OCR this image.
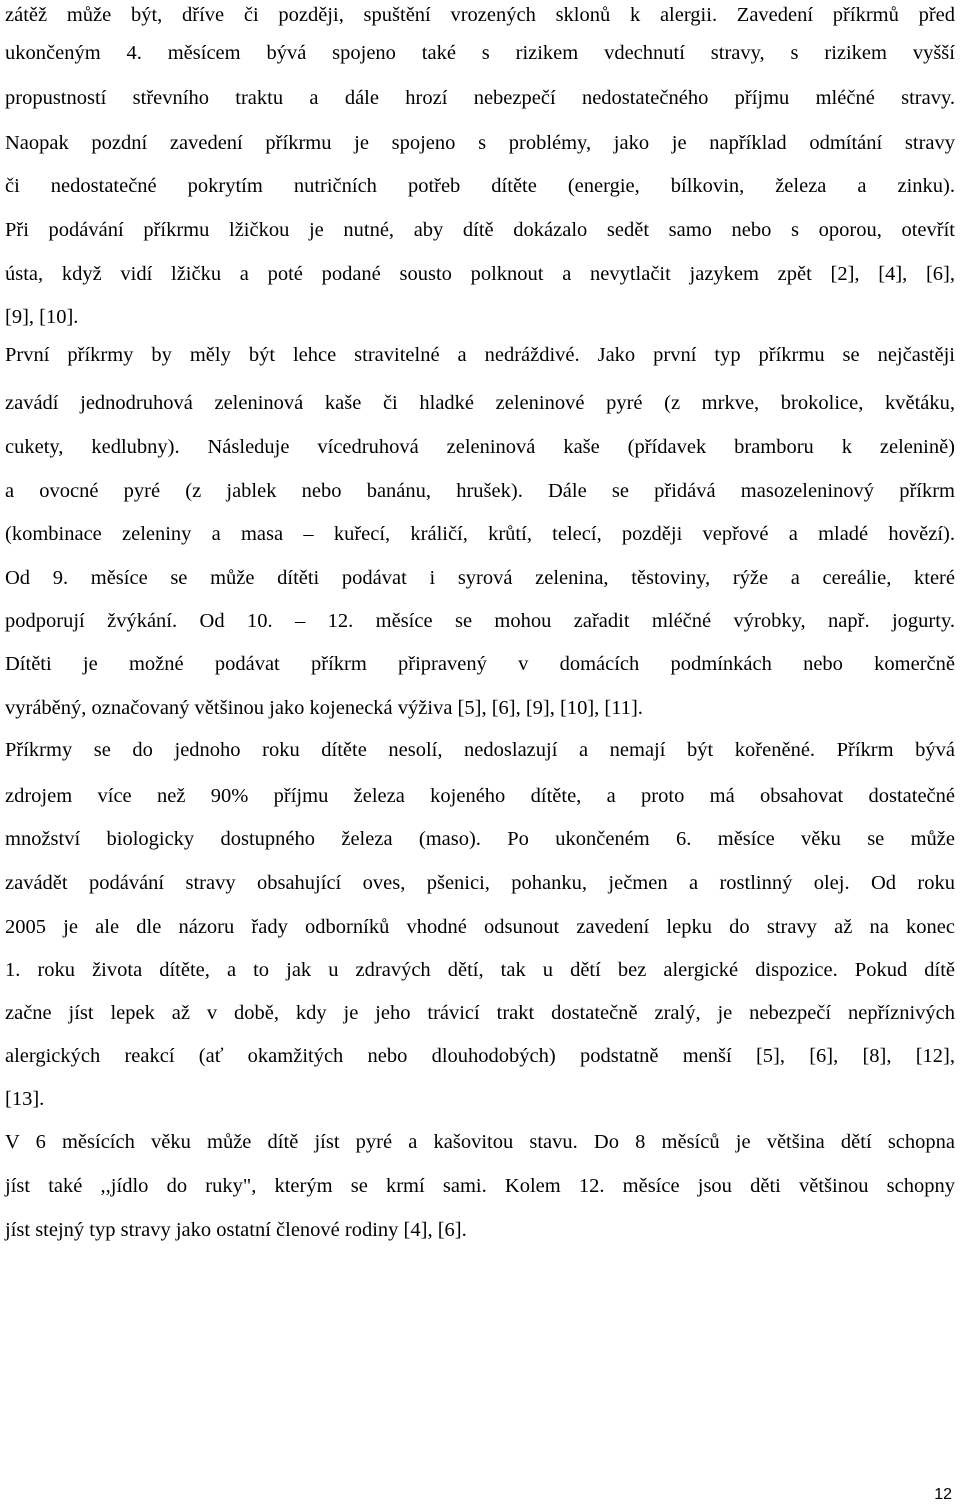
zátěž může být, dříve či později, spuštění vrozených sklonů k alergii. Zavedení příkrmů před
ukončeným 4. měsícem bývá spojeno také s rizikem vdechnutí stravy, s rizikem vyšší
propustností střevního traktu a dále hrozí nebezpečí nedostatečného příjmu mléčné stravy.
Naopak pozdní zavedení příkrmu je spojeno s problémy, jako je například odmítání stravy
či nedostatečné pokrytím nutričních potřeb dítěte (energie, bílkovin, železa a zinku).
Při podávání příkrmu lžičkou je nutné, aby dítě dokázalo sedět samo nebo s oporou, otevřít
ústa, když vidí lžičku a poté podané sousto polknout a nevytlačit jazykem zpět [2], [4], [6],
[9], [10].
První příkrmy by měly být lehce stravitelné a nedráždivé. Jako první typ příkrmu se nejčastěji
zavádí jednodruhová zeleninová kaše či hladké zeleninové pyré (z mrkve, brokolice, květáku,
cukety, kedlubny). Následuje vícedruhová zeleninová kaše (přídavek bramboru k zelenině)
a ovocné pyré (z jablek nebo banánu, hrušek). Dále se přidává masozeleninový příkrm
(kombinace zeleniny a masa – kuřecí, králičí, krůtí, telecí, později vepřové a mladé hovězí).
Od 9. měsíce se může dítěti podávat i syrová zelenina, těstoviny, rýže a cereálie, které
podporují žvýkání. Od 10. – 12. měsíce se mohou zařadit mléčné výrobky, např. jogurty.
Dítěti je možné podávat příkrm připravený v domácích podmínkách nebo komerčně
vyráběný, označovaný většinou jako kojenecká výživa [5], [6], [9], [10], [11].
Příkrmy se do jednoho roku dítěte nesolí, nedoslazují a nemají být kořeněné. Příkrm bývá
zdrojem více než 90% příjmu železa kojeného dítěte, a proto má obsahovat dostatečné
množství biologicky dostupného železa (maso). Po ukončeném 6. měsíce věku se může
zavádět podávání stravy obsahující oves, pšenici, pohanku, ječmen a rostlinný olej. Od roku
2005 je ale dle názoru řady odborníků vhodné odsunout zavedení lepku do stravy až na konec
1. roku života dítěte, a to jak u zdravých dětí, tak u dětí bez alergické dispozice. Pokud dítě
začne jíst lepek až v době, kdy je jeho trávicí trakt dostatečně zralý, je nebezpečí nepříznivých
alergických reakcí (ať okamžitých nebo dlouhodobých) podstatně menší [5], [6], [8], [12],
[13].
V 6 měsících věku může dítě jíst pyré a kašovitou stavu. Do 8 měsíců je většina dětí schopna
jíst také ,,jídlo do ruky", kterým se krmí sami. Kolem 12. měsíce jsou děti většinou schopny
jíst stejný typ stravy jako ostatní členové rodiny [4], [6].
12
